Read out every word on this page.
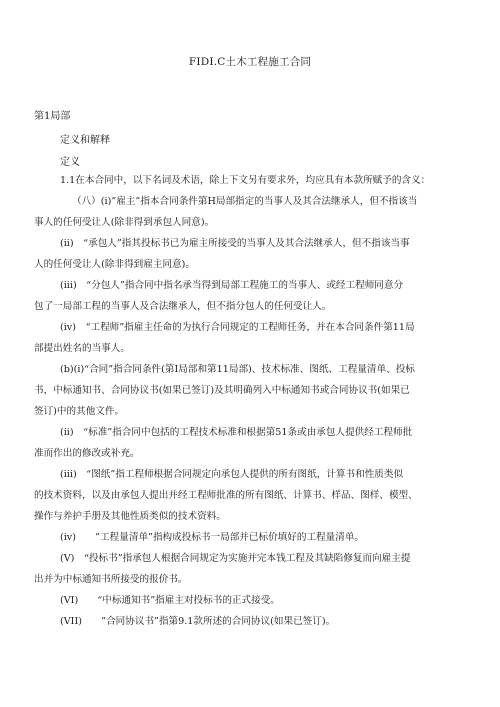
FIDI.C土木工程施工合同
第1局部
定义和解释
定义
1.1在本合同中，以下名词及术语，除上下文另有要求外，均应具有本款所赋予的含义：
（八）(i)”雇主”指本合同条件第H局部指定的当事人及其合法继承人，但不指该当
事人的任何受让人(除非得到承包人同意)。
(ii)　“承包人”指其投标书已为雇主所接受的当事人及其合法继承人，但不指该当事
人的任何受让人(除非得到雇主同意)。
(iii)　“分包人”指合同中指名承当得到局部工程施工的当事人、或经工程师同意分
包了一局部工程的当事人及合法继承人，但不指分包人的任何受让人。
(iv)　“工程师”指雇主任命的为执行合同规定的工程师任务，并在本合同条件第11局
部提出姓名的当事人。
(b)(i)“合同”指合同条件(第I局部和第11局部)、技术标准、图纸、工程量清单、投标
书，中标通知书、合同协议书(如果已签订)及其明确列入中标通知书或合同协议书(如果已
签订)中的其他文件。
(ii)　“标准”指合同中包括的工程技术标准和根据第51条或由承包人提供经工程师批
准而作出的修改或补充。
(iii)　“图纸”指工程师根据合同规定向承包人提供的所有图纸，计算书和性质类似
的技术资料，以及由承包人提出并经工程师批准的所有图纸、计算书、样品、图样、模型、
操作与养护手册及其他性质类似的技术资料。
(iv)　　”工程量清单”指构成投标书一局部并已标价填好的工程量清单。
(V)　“投标书”指承包人根据合同规定为实施并完本钱工程及其缺陷修复而向雇主提
出并为中标通知书所接受的报价书。
(VI)　　“中标通知书”指雇主对投标书的正式接受。
(VII)　　”合同协议书”指第9.1款所述的合同协议(如果已签订)。
